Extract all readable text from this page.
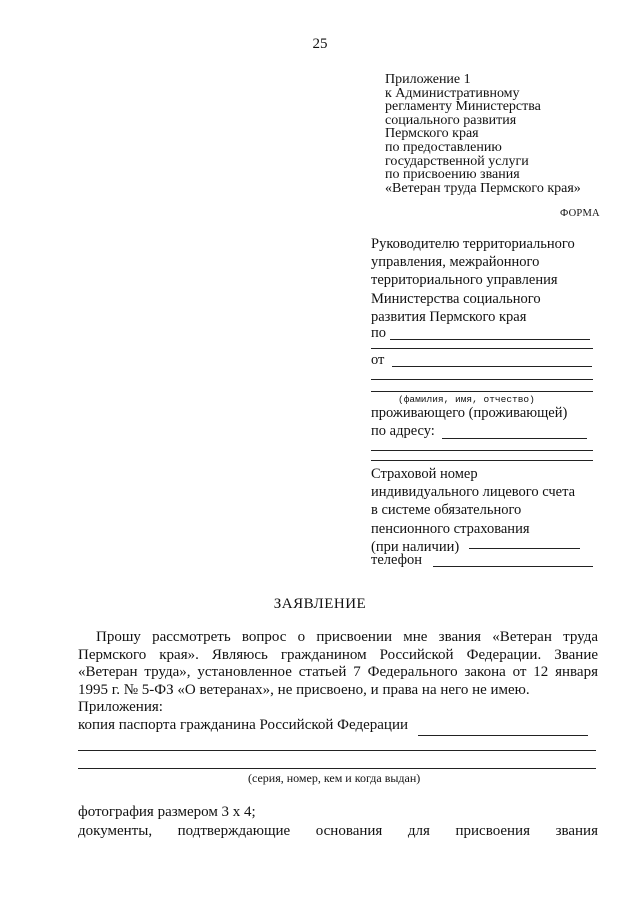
25
Приложение 1
к Административному
регламенту Министерства
социального развития
Пермского края
по предоставлению
государственной услуги
по присвоению звания
«Ветеран труда Пермского края»
ФОРМА
Руководителю территориального
управления, межрайонного
территориального управления
Министерства социального
развития Пермского края
по
от
(фамилия, имя, отчество)
проживающего (проживающей)
по адресу:
Страховой номер
индивидуального лицевого счета
в системе обязательного
пенсионного страхования
(при наличии)
телефон
ЗАЯВЛЕНИЕ
Прошу рассмотреть вопрос о присвоении мне звания «Ветеран труда
Пермского края». Являюсь гражданином Российской Федерации. Звание
«Ветеран труда», установленное статьей 7 Федерального закона от 12 января
1995 г. № 5-ФЗ «О ветеранах», не присвоено, и права на него не имею.
Приложения:
копия паспорта гражданина Российской Федерации
(серия, номер, кем и когда выдан)
фотография размером 3 х 4;
документы, подтверждающие основания для присвоения звания
